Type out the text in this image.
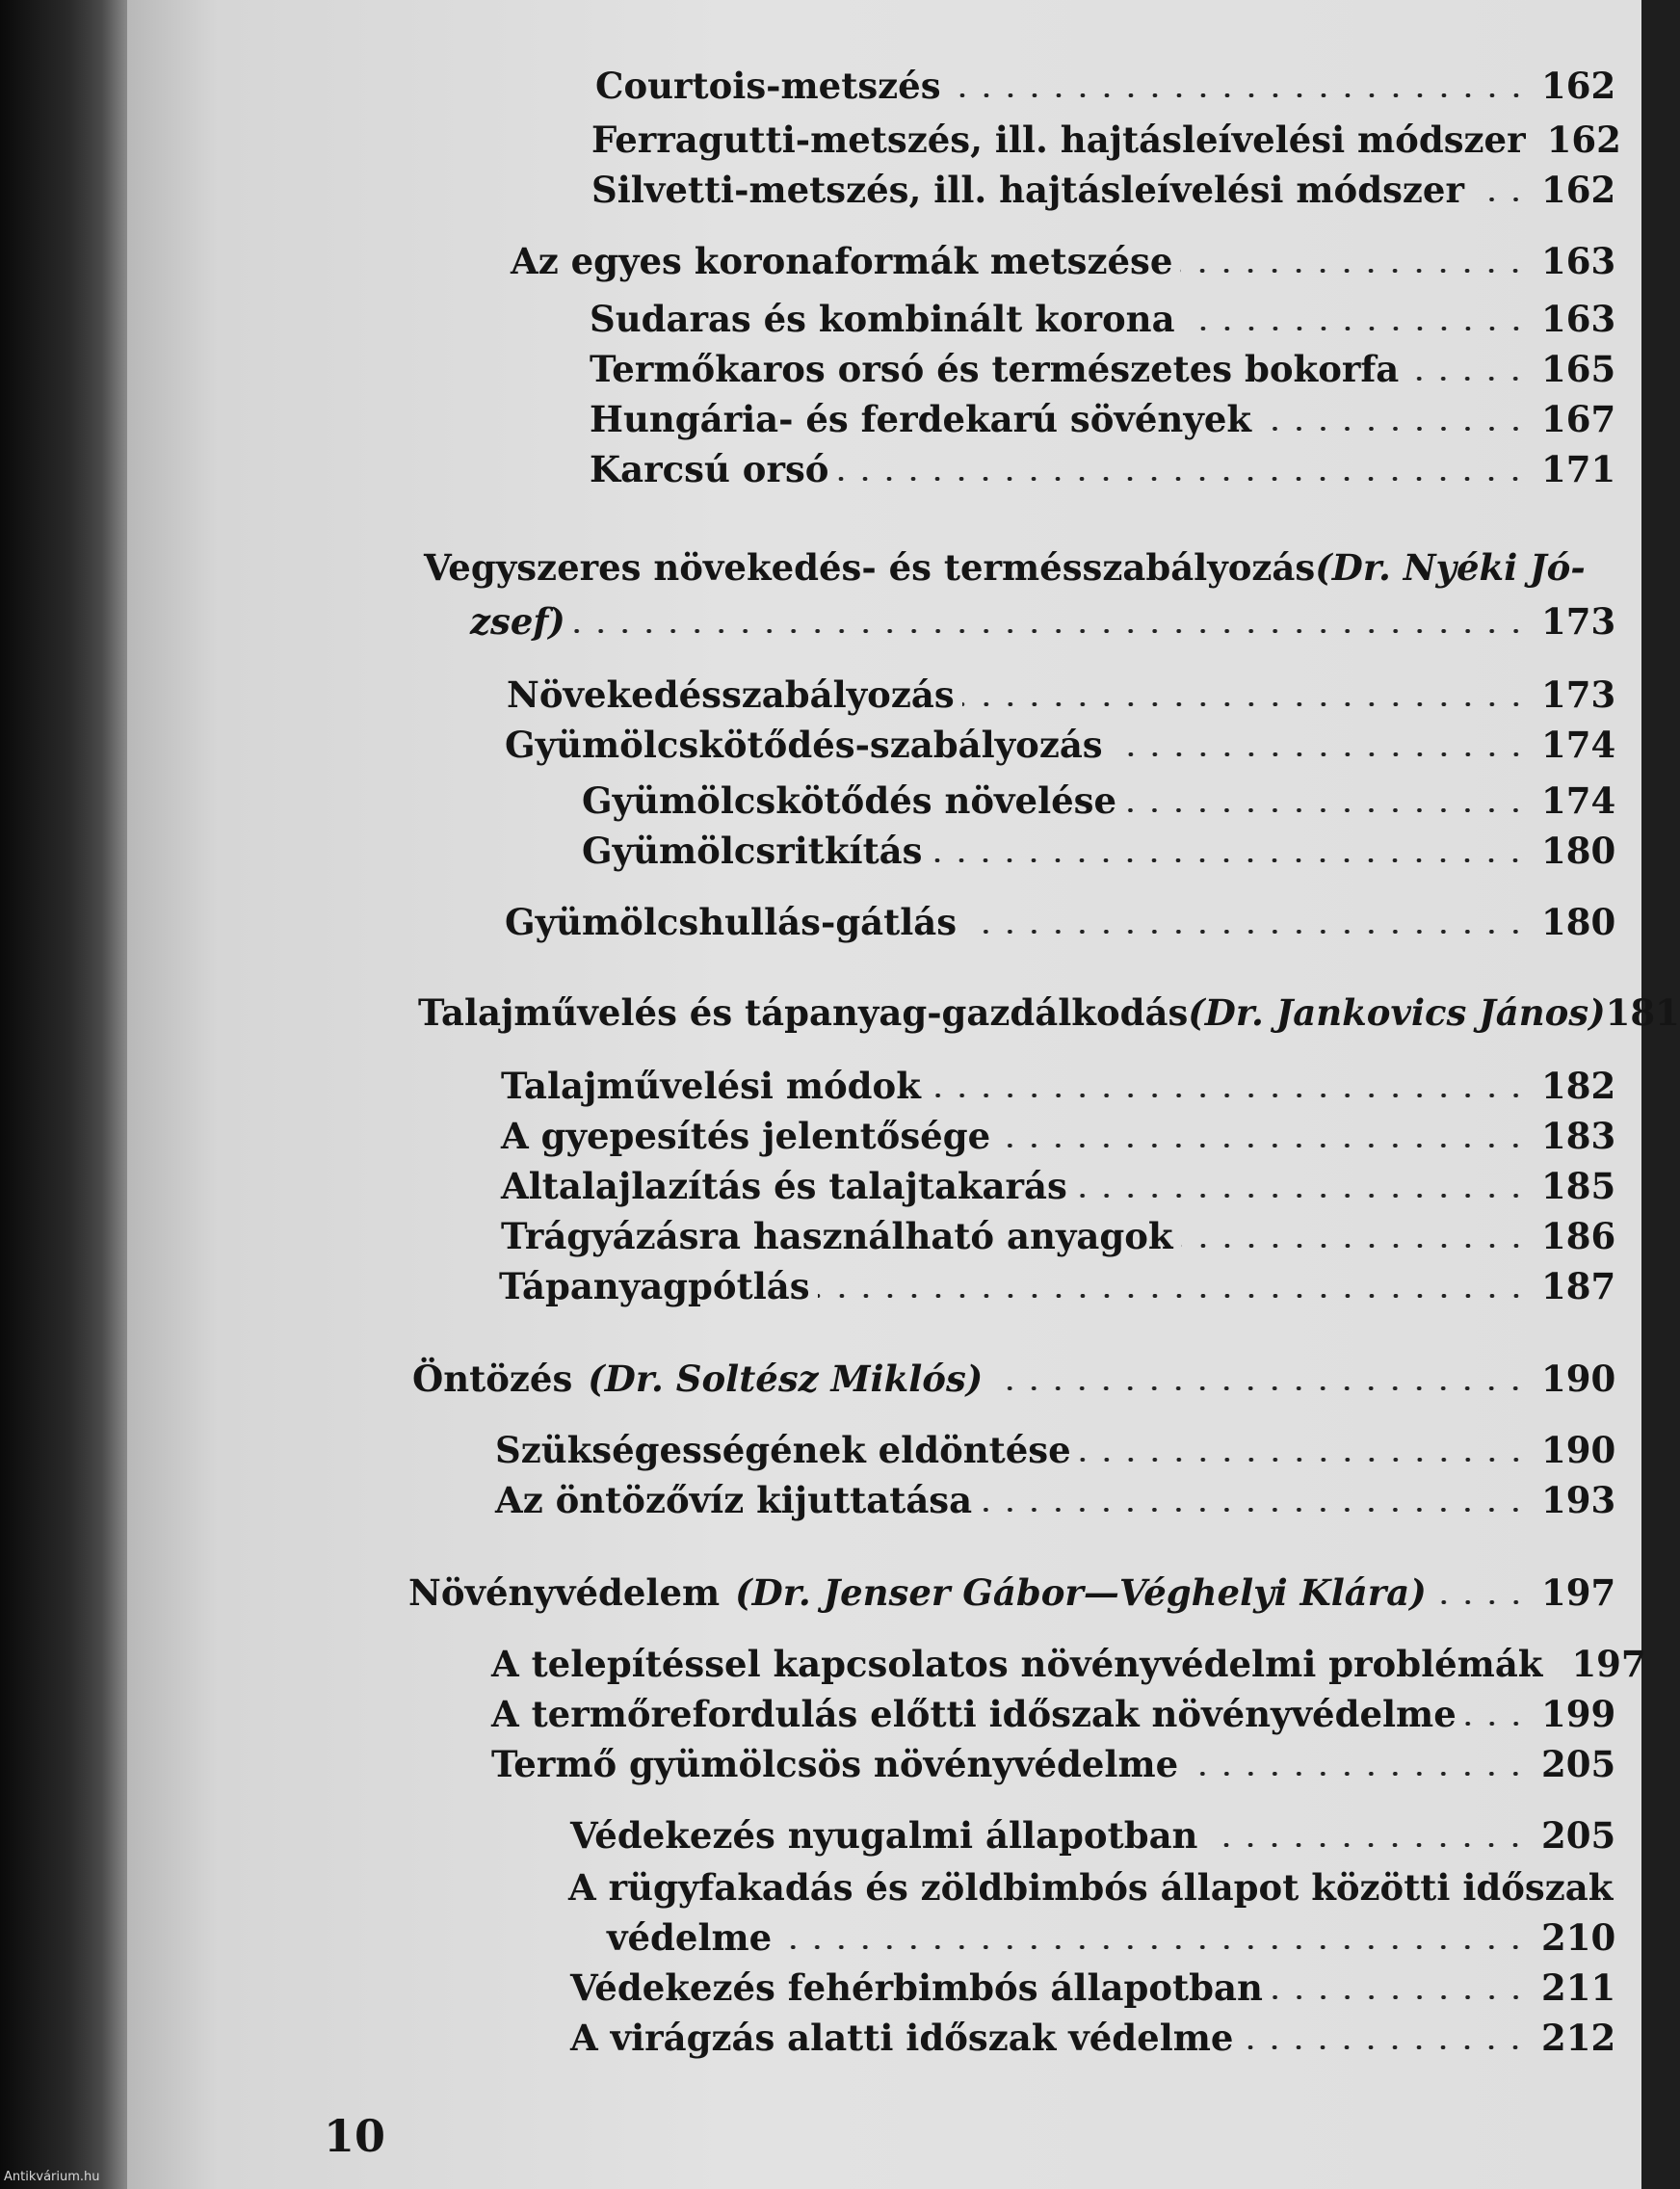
Courtois-metszés	162
Ferragutti-metszés, ill. hajtásleívelési módszer 162
Silvetti-metszés, ill. hajtásleívelési módszer 162
Az egyes koronaformák metszése	163
Sudaras és kombinált korona	163
Termőkaros orsó és természetes bokorfa	165
Hungária- és ferdekarú sövények	167
Karcsú orsó	171
Vegyszeres növekedés- és termésszabályozás (Dr. Nyéki Jó-
zsef)	173
Növekedésszabályozás	173
Gyümölcskötődés-szabályozás	174
Gyümölcskötődés növelése	174
Gyümölcsritkítás	180
Gyümölcshullás-gátlás	180
Talajművelés és tápanyag-gazdálkodás (Dr. Jankovics János) 181
Talajművelési módok	182
A gyepesítés jelentősége	183
Altalajlazítás és talajtakarás	185
Trágyázásra használható anyagok	186
Tápanyagpótlás	187
Öntözés (Dr. Soltész Miklós)	190
Szükségességének eldöntése	190
Az öntözővíz kijuttatása	193
Növényvédelem (Dr. Jenser Gábor—Véghelyi Klára)	197
A telepítéssel kapcsolatos növényvédelmi problémák 197
A termőrefordulás előtti időszak növényvédelme 199
Termő gyümölcsös növényvédelme	205
Védekezés nyugalmi állapotban	205
A rügyfakadás és zöldbimbós állapot közötti időszak
védelme	210
Védekezés fehérbimbós állapotban	211
A virágzás alatti időszak védelme	212
10
Antikvárium.hu
